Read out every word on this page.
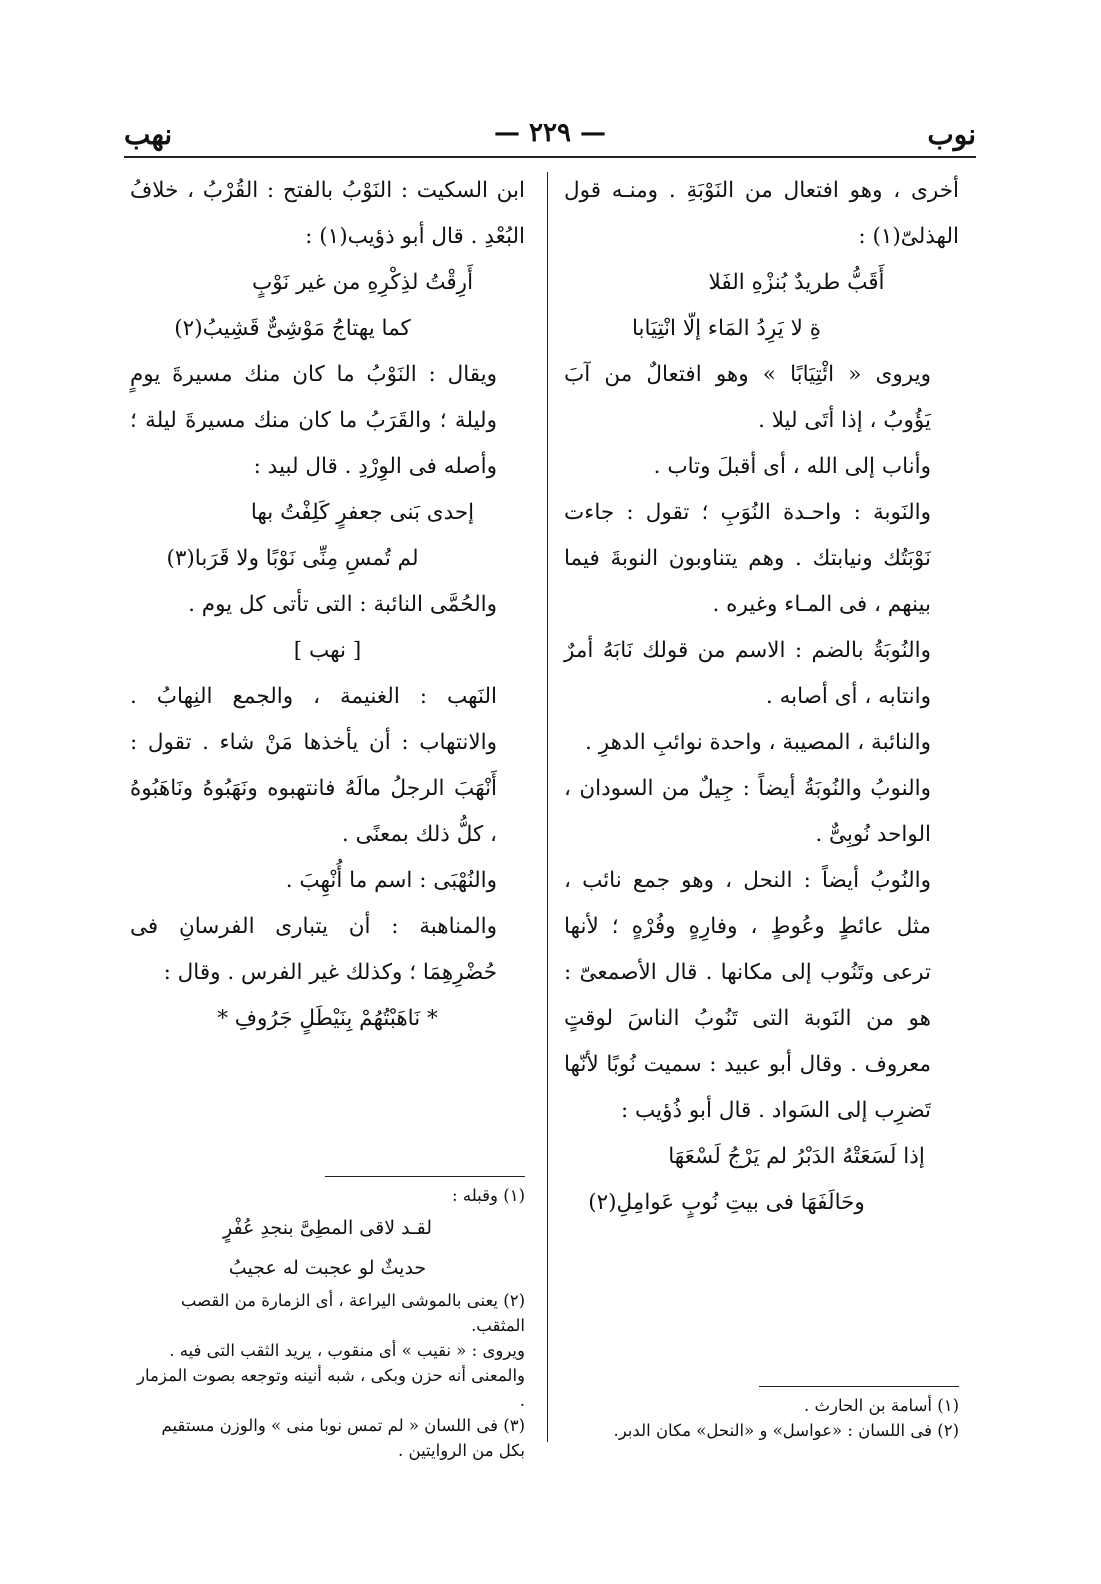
نوب
— ٢٢٩ —
نهب

أخرى ، وهو افتعال من النَوْبَةِ . ومنـه قول الهذلىّ(١) :

أَقَبُّ طريدٌ بُنزْهِ الفَلا

ةِ لا يَرِدُ المَاء إلّا انْتِيَابا

ويروى « ائْتِيَابًا » وهو افتعالٌ من آبَ يَؤُوبُ ، إذا أتَى ليلا .

وأناب إلى الله ، أى أقبلَ وتاب .

والنَوبة : واحـدة النُوَبِ ؛ تقول : جاءت نَوْبَتُك ونيابتك . وهم يتناوبون النوبةَ فيما بينهم ، فى المـاء وغيره .

والنُوبَةُ بالضم : الاسم من قولك نَابَهُ أمرٌ وانتابه ، أى أصابه .

والنائبة ، المصيبة ، واحدة نوائبِ الدهرِ .

والنوبُ والنُوبَةُ أيضاً : جِيلٌ من السودان ، الواحد نُوبِىٌّ .

والنُوبُ أيضاً : النحل ، وهو جمع نائب ، مثل عائطٍ وعُوطٍ ، وفارِهٍ وفُرْهٍ ؛ لأنها ترعى وتَنُوب إلى مكانها . قال الأصمعىّ : هو من النَوبة التى تَنُوبُ الناسَ لوقتٍ معروف . وقال أبو عبيد : سميت نُوبًا لأنّها تَضرِب إلى السَواد . قال أبو ذُؤيب :

إذا لَسَعَتْهُ الدَبْرُ لم يَرْجُ لَسْعَهَا

وحَالَفَهَا فى بيتِ نُوبٍ عَوامِلِ(٢)

(١) أسامة بن الحارث .

(٢) فى اللسان : «عواسل» و «النحل» مكان الدبر.

ابن السكيت : النَوْبُ بالفتح : القُرْبُ ، خلافُ البُعْدِ . قال أبو ذؤيب(١) :

أَرِقْتُ لذِكْرِهِ من غير نَوْبٍ

كما يهتاجُ مَوْشِىٌّ قَشِيبُ(٢)

ويقال : النَوْبُ ما كان منك مسيرةَ يومٍ وليلة ؛ والقَرَبُ ما كان منك مسيرةَ ليلة ؛ وأصله فى الوِرْدِ . قال لبيد :

إحدى بَنى جعفرٍ كَلِفْتُ بها

لم تُمسِ مِنِّى نَوْبًا ولا قَرَبا(٣)

والحُمَّى النائبة : التى تأتى كل يوم .

[ نهب ]

النَهب : الغنيمة ، والجمع النِهابُ . والانتهاب : أن يأخذها مَنْ شاء . تقول : أَنْهَبَ الرجلُ مالَهُ فانتهبوه ونَهَبُوهُ ونَاهَبُوهُ ، كلُّ ذلك بمعنًى .

والنُهْبَى : اسم ما أُنْهِبَ .

والمناهبة : أن يتبارى الفرسانِ فى حُضْرِهِمَا ؛ وكذلك غير الفرس . وقال :

* نَاهَبْتُهُمْ بِنَيْطَلٍ جَرُوفِ *

(١) وقبله :

لقـد لاقى المطِىَّ بنجدِ عُفْرٍ

حديثٌ لو عجبت له عجيبُ

(٢) يعنى بالموشى اليراعة ، أى الزمارة من القصب المثقب.

ويروى : « نقيب » أى منقوب ، يريد الثقب التى فيه .

والمعنى أنه حزن وبكى ، شبه أنينه وتوجعه بصوت المزمار .

(٣) فى اللسان « لم تمس نوبا منى » والوزن مستقيم

بكل من الروايتين .
